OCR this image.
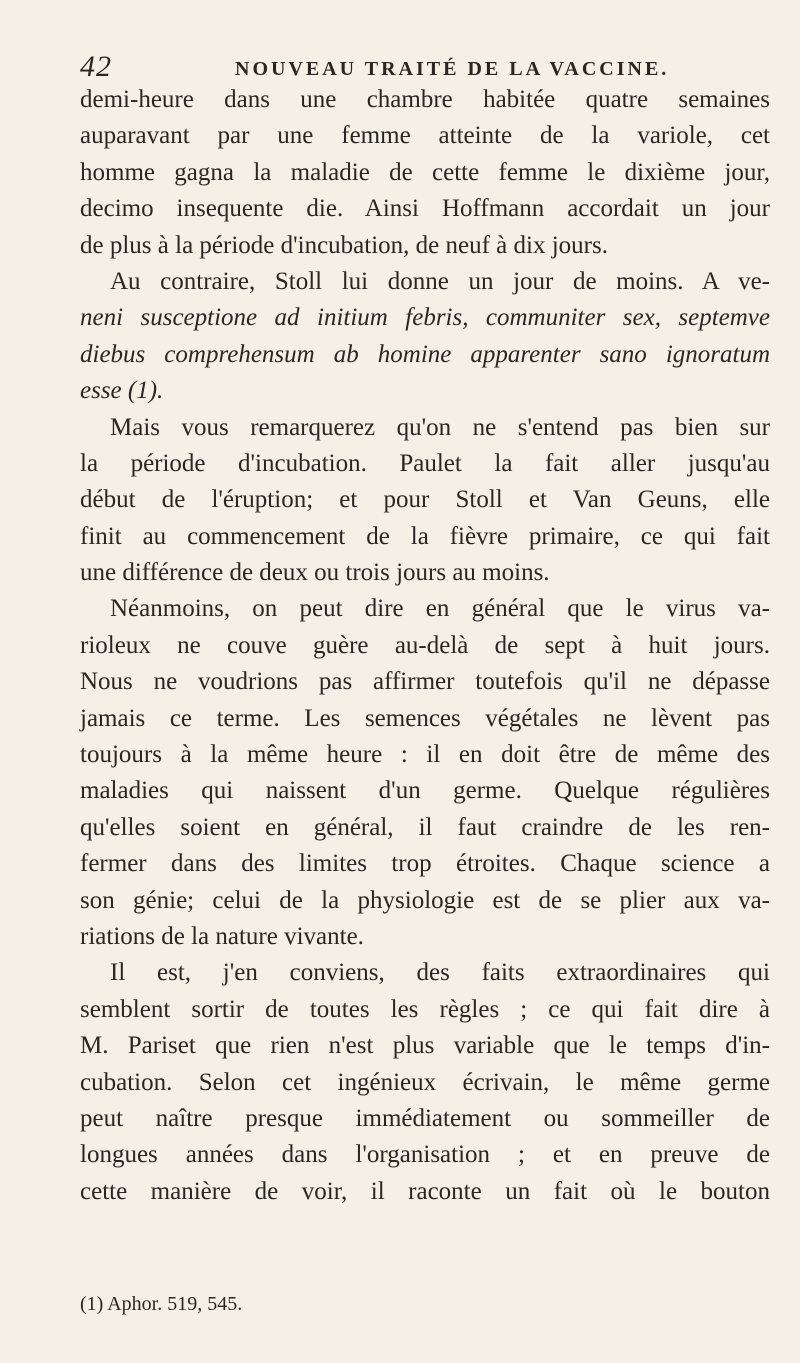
42	NOUVEAU TRAITÉ DE LA VACCINE.
demi-heure dans une chambre habitée quatre semaines
auparavant par une femme atteinte de la variole, cet
homme gagna la maladie de cette femme le dixième jour,
decimo insequente die. Ainsi Hoffmann accordait un jour
de plus à la période d'incubation, de neuf à dix jours.
Au contraire, Stoll lui donne un jour de moins. A ve-
neni susceptione ad initium febris, communiter sex, septemve
diebus comprehensum ab homine apparenter sano ignoratum
esse (1).
Mais vous remarquerez qu'on ne s'entend pas bien sur
la période d'incubation. Paulet la fait aller jusqu'au
début de l'éruption; et pour Stoll et Van Geuns, elle
finit au commencement de la fièvre primaire, ce qui fait
une différence de deux ou trois jours au moins.
Néanmoins, on peut dire en général que le virus va-
rioleux ne couve guère au-delà de sept à huit jours.
Nous ne voudrions pas affirmer toutefois qu'il ne dépasse
jamais ce terme. Les semences végétales ne lèvent pas
toujours à la même heure : il en doit être de même des
maladies qui naissent d'un germe. Quelque régulières
qu'elles soient en général, il faut craindre de les ren-
fermer dans des limites trop étroites. Chaque science a
son génie; celui de la physiologie est de se plier aux va-
riations de la nature vivante.
Il est, j'en conviens, des faits extraordinaires qui
semblent sortir de toutes les règles ; ce qui fait dire à
M. Pariset que rien n'est plus variable que le temps d'in-
cubation. Selon cet ingénieux écrivain, le même germe
peut naître presque immédiatement ou sommeiller de
longues années dans l'organisation ; et en preuve de
cette manière de voir, il raconte un fait où le bouton
(1) Aphor. 519, 545.
